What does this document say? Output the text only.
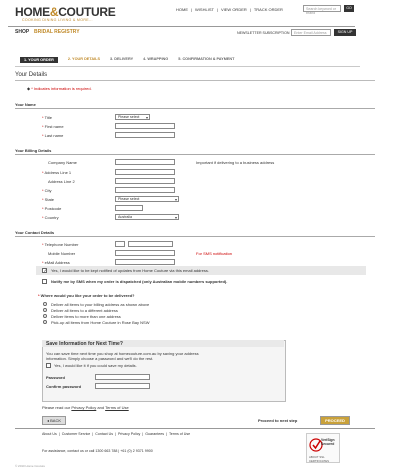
HOME&COUTURE
COOKING DINING LIVING & MORE...
HOME | WISHLIST | VIEW ORDER | TRACK ORDER	Search keyword or brand
GO
SHOP BRIDAL REGISTRY	NEWSLETTER SUBSCRIPTION	Enter Email Address	SIGN UP
1. YOUR ORDER	2. YOUR DETAILS	3. DELIVERY	4. WRAPPING	5. CONFIRMATION & PAYMENT
Your Details
◆ * Indicates information is required.
Your Name
* Title	Please select ▾
* First name
* Last name
Your Billing Details
Company Name	Important if delivering to a business address
* Address Line 1
Address Line 2
* City
* State	Please select ▾
* Postcode
* Country	Australia ▾
Your Contact Details
* Telephone Number
Mobile Number	For SMS notification
* eMail Address
✓ Yes, I would like to be kept notified of updates from Home Couture via this email address.
Notify me by SMS when my order is dispatched (only Australian mobile numbers supported).
* Where would you like your order to be delivered?
Deliver all items to your billing address as shown above
Deliver all items to a different address
Deliver items to more than one address
Pick-up all items from Home Couture in Rose Bay NSW
Save Information for Next Time?
You can save time next time you shop at homecouture.com.au by saving your address
information. Simply choose a password and we'll do the rest.
Yes, I would like it if you could save my details.
Password
Confirm password
Please read our Privacy Policy and Terms of Use
◂ BACK	Proceed to next step	PROCEED
About Us | Customer Service | Contact Us | Privacy Policy | Guarantees | Terms of Use
For assistance, contact us or call 1300 663 788 | +61 (0) 2 9371 9900
VeriSign Secured
ABOUT SSL CERTIFICATES
© 2010 Home Couture
